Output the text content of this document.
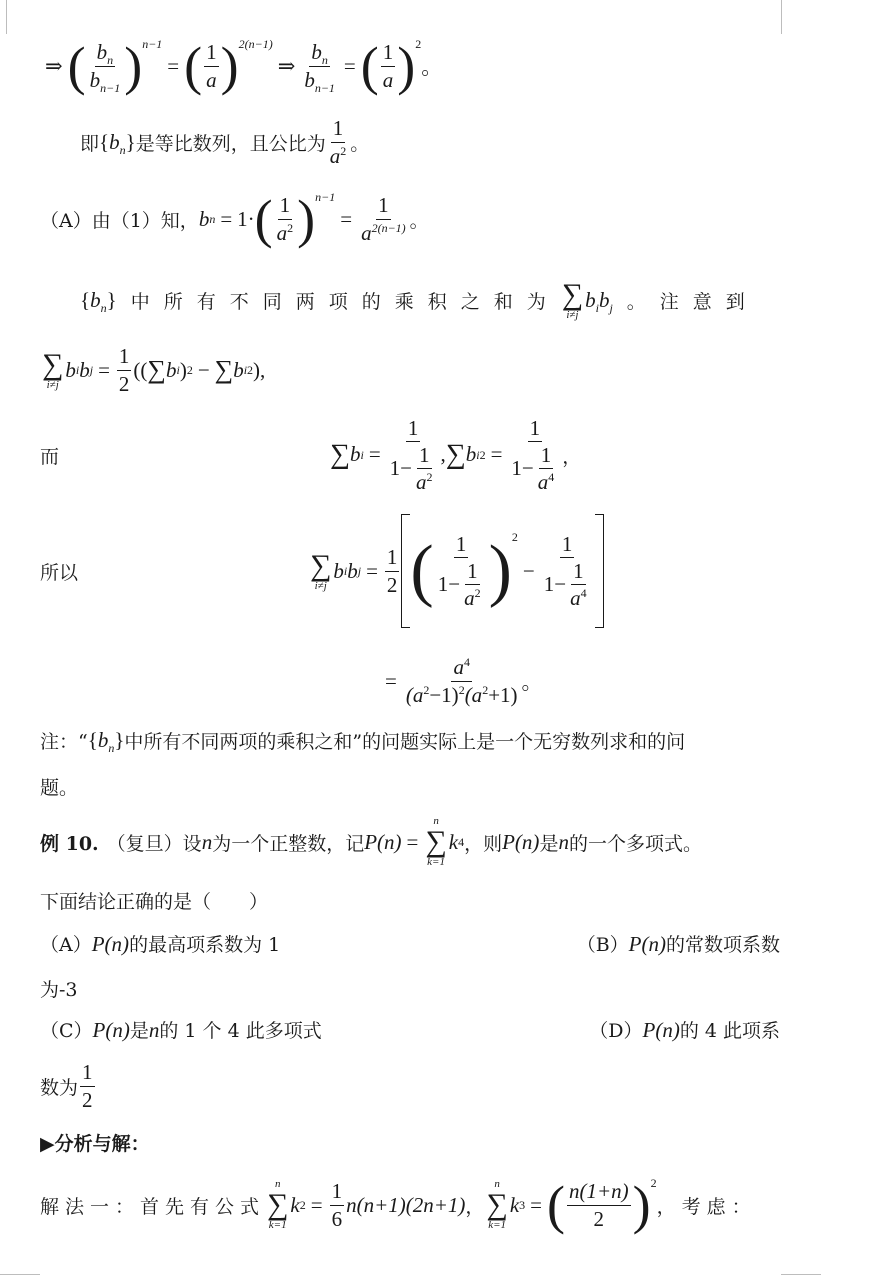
⇒ ( $\frac{b_n}{b_{n-1}} )^{n-1}$
= ( $\frac{1}{a} )^{2(n-1)}$
⇒ $\frac{b_n}{b_{n-1}}$ = ( $\frac{1}{a} )^2$
。
即 $\{b_n\}$ 是等比数列，且公比为 $\frac{1}{a^2}$ 。
（A）由（1）知， b n = 1 · ( $\frac{1}{a^2} )^{n-1}$
= $\frac{1}{a^{2(n-1)}}$ 。
$\{b_n\}$ 中所有不同两项的乘积之和为 ∑
i≠j
$b_ib_j$ 。注意到
∑
i≠j
b i b $j = \frac{1}{2}$ (( ∑ b i ) 2 − ∑ b i 2 ),
而	∑ b $i = \frac{1}{1- \frac{1}{a^2}}$ , ∑ b i $2 = \frac{1}{1- \frac{1}{a^4}}$ ，
所以	∑
i≠j
b i b $j = \frac{1}{2}$ ( $\frac{1}{1- \frac{1}{a^2}} )^2$
− $\frac{1}{1- \frac{1}{a^4}}$
= $\frac{a^4}{(a^2-1)^2(a^2+1)}$ 。
注：“ $\{b_n\}$ 中所有不同两项的乘积之和”的问题实际上是一个无穷数列求和的问
题。
例 10. （复旦）设 n 为一个正整数，记 P(n) =
n
∑
k=1
k 4 ，则 P(n) 是 n 的一个多项式。
下面结论正确的是（　　）
（A）P(n)的最高项系数为 1	（B）P(n)的常数项系数
为-3
（C）P(n)是n的 1 个 4 此多项式	（D）P(n)的 4 此项系
数为 $\frac{1}{2}$
▶分析与解：
解法一：首先有公式
n
∑
k=1
k $2 = \frac{1}{6} n(n+1)(2n+1)$ ，
n
∑
k=1
k 3 = ( $\frac{n(1+n)}{2} )^2$
，考虑：
